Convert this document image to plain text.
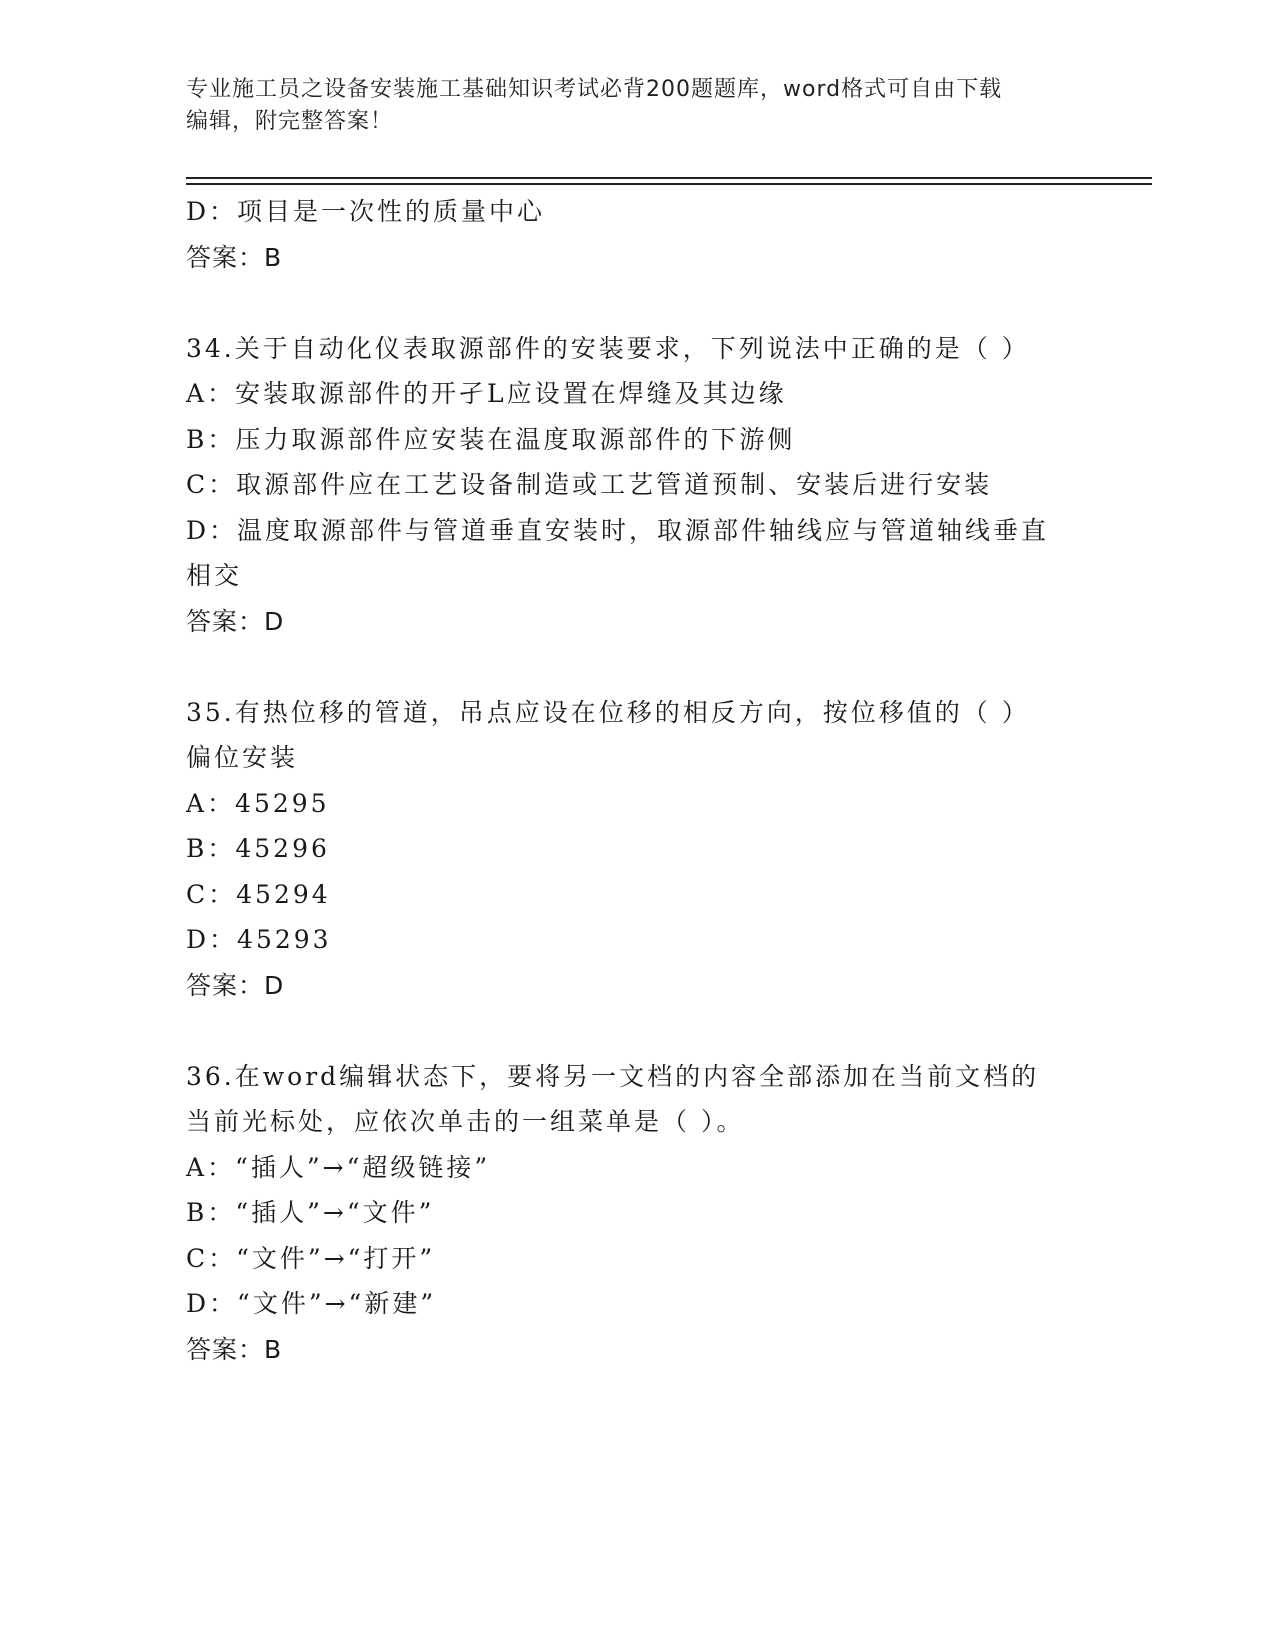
专业施工员之设备安装施工基础知识考试必背200题题库，word格式可自由下载
编辑，附完整答案！
D：项目是一次性的质量中心
答案：B
34.关于自动化仪表取源部件的安装要求，下列说法中正确的是（ ）
A：安装取源部件的开孑L应设置在焊缝及其边缘
B：压力取源部件应安装在温度取源部件的下游侧
C：取源部件应在工艺设备制造或工艺管道预制、安装后进行安装
D：温度取源部件与管道垂直安装时，取源部件轴线应与管道轴线垂直
相交
答案：D
35.有热位移的管道，吊点应设在位移的相反方向，按位移值的（ ）
偏位安装
A：45295
B：45296
C：45294
D：45293
答案：D
36.在word编辑状态下，要将另一文档的内容全部添加在当前文档的
当前光标处，应依次单击的一组菜单是（ ）。
A：“插人”→“超级链接”
B：“插人”→“文件”
C：“文件”→“打开”
D：“文件”→“新建”
答案：B
